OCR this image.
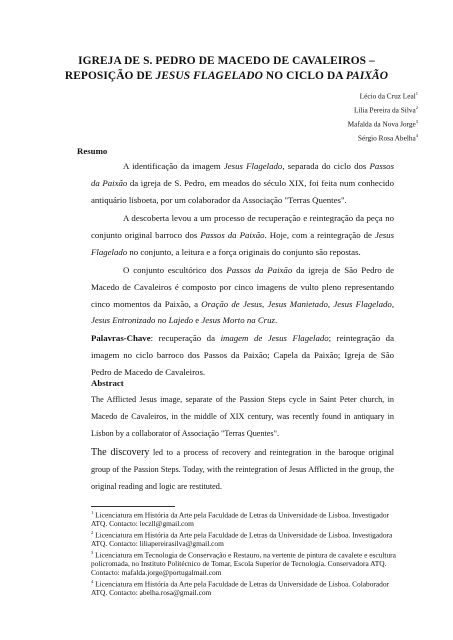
IGREJA DE S. PEDRO DE MACEDO DE CAVALEIROS –
REPOSIÇÃO DE JESUS FLAGELADO NO CICLO DA PAIXÃO
Lécio da Cruz Leal$^1$
Lília Pereira da Silva$^2$
Mafalda da Nova Jorge$^3$
Sérgio Rosa Abelha$^4$
Resumo
A identificação da imagem Jesus Flagelado, separada do ciclo dos Passos da Paixão da igreja de S. Pedro, em meados do século XIX, foi feita num conhecido antiquário lisboeta, por um colaborador da Associação "Terras Quentes".
A descoberta levou a um processo de recuperação e reintegração da peça no conjunto original barroco dos Passos da Paixão. Hoje, com a reintegração de Jesus Flagelado no conjunto, a leitura e a força originais do conjunto são repostas.
O conjunto escultórico dos Passos da Paixão da igreja de São Pedro de Macedo de Cavaleiros é composto por cinco imagens de vulto pleno representando cinco momentos da Paixão, a Oração de Jesus, Jesus Manietado, Jesus Flagelado, Jesus Entronizado no Lajedo e Jesus Morto na Cruz.
Palavras-Chave: recuperação da imagem de Jesus Flagelado; reintegração da imagem no ciclo barroco dos Passos da Paixão; Capela da Paixão; Igreja de São Pedro de Macedo de Cavaleiros.
Abstract
The Afflicted Jesus image, separate of the Passion Steps cycle in Saint Peter church, in Macedo de Cavaleiros, in the middle of XIX century, was recently found in antiquary in Lisbon by a collaborator of Associação "Terras Quentes".
The discovery led to a process of recovery and reintegration in the baroque original group of the Passion Steps. Today, with the reintegration of Jesus Afflicted in the group, the original reading and logic are restituted.
$^1$ Licenciatura em História da Arte pela Faculdade de Letras da Universidade de Lisboa. Investigador ATQ. Contacto: leczll@gmail.com
$^2$ Licenciatura em História da Arte pela Faculdade de Letras da Universidade de Lisboa. Investigadora ATQ. Contacto: liliapereirasilva@gmail.com
$^3$ Licenciatura em Tecnologia de Conservação e Restauro, na vertente de pintura de cavalete e escultura policromada, no Instituto Politécnico de Tomar, Escola Superior de Tecnologia. Conservadora ATQ. Contacto: mafalda.jorge@portugalmail.com
$^4$ Licenciatura em História da Arte pela Faculdade de Letras da Universidade de Lisboa. Colaborador ATQ. Contacto: abelha.rosa@gmail.com
